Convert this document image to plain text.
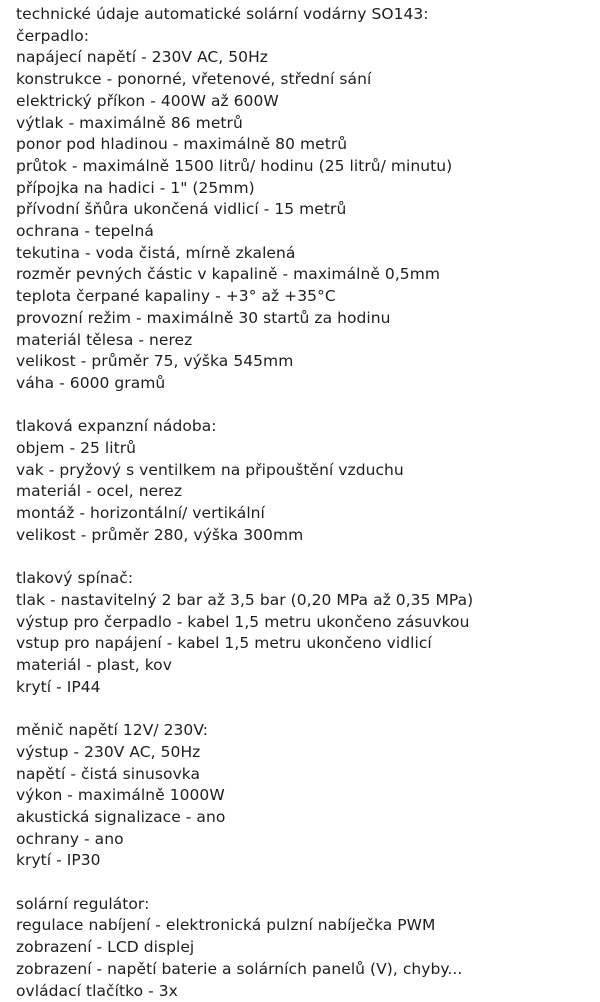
technické údaje automatické solární vodárny SO143:
čerpadlo:
napájecí napětí - 230V AC, 50Hz
konstrukce - ponorné, vřetenové, střední sání
elektrický příkon - 400W až 600W
výtlak - maximálně 86 metrů
ponor pod hladinou - maximálně 80 metrů
průtok - maximálně 1500 litrů/ hodinu (25 litrů/ minutu)
přípojka na hadici - 1" (25mm)
přívodní šňůra ukončená vidlicí - 15 metrů
ochrana - tepelná
tekutina - voda čistá, mírně zkalená
rozměr pevných částic v kapalině - maximálně 0,5mm
teplota čerpané kapaliny - +3° až +35°C
provozní režim - maximálně 30 startů za hodinu
materiál tělesa - nerez
velikost - průměr 75, výška 545mm
váha - 6000 gramů
tlaková expanzní nádoba:
objem - 25 litrů
vak - pryžový s ventilkem na připouštění vzduchu
materiál - ocel, nerez
montáž - horizontální/ vertikální
velikost - průměr 280, výška 300mm
tlakový spínač:
tlak - nastavitelný 2 bar až 3,5 bar (0,20 MPa až 0,35 MPa)
výstup pro čerpadlo - kabel 1,5 metru ukončeno zásuvkou
vstup pro napájení - kabel 1,5 metru ukončeno vidlicí
materiál - plast, kov
krytí - IP44
měnič napětí 12V/ 230V:
výstup - 230V AC, 50Hz
napětí - čistá sinusovka
výkon - maximálně 1000W
akustická signalizace - ano
ochrany - ano
krytí - IP30
solární regulátor:
regulace nabíjení - elektronická pulzní nabíječka PWM
zobrazení - LCD displej
zobrazení - napětí baterie a solárních panelů (V), chyby...
ovládací tlačítko - 3x
